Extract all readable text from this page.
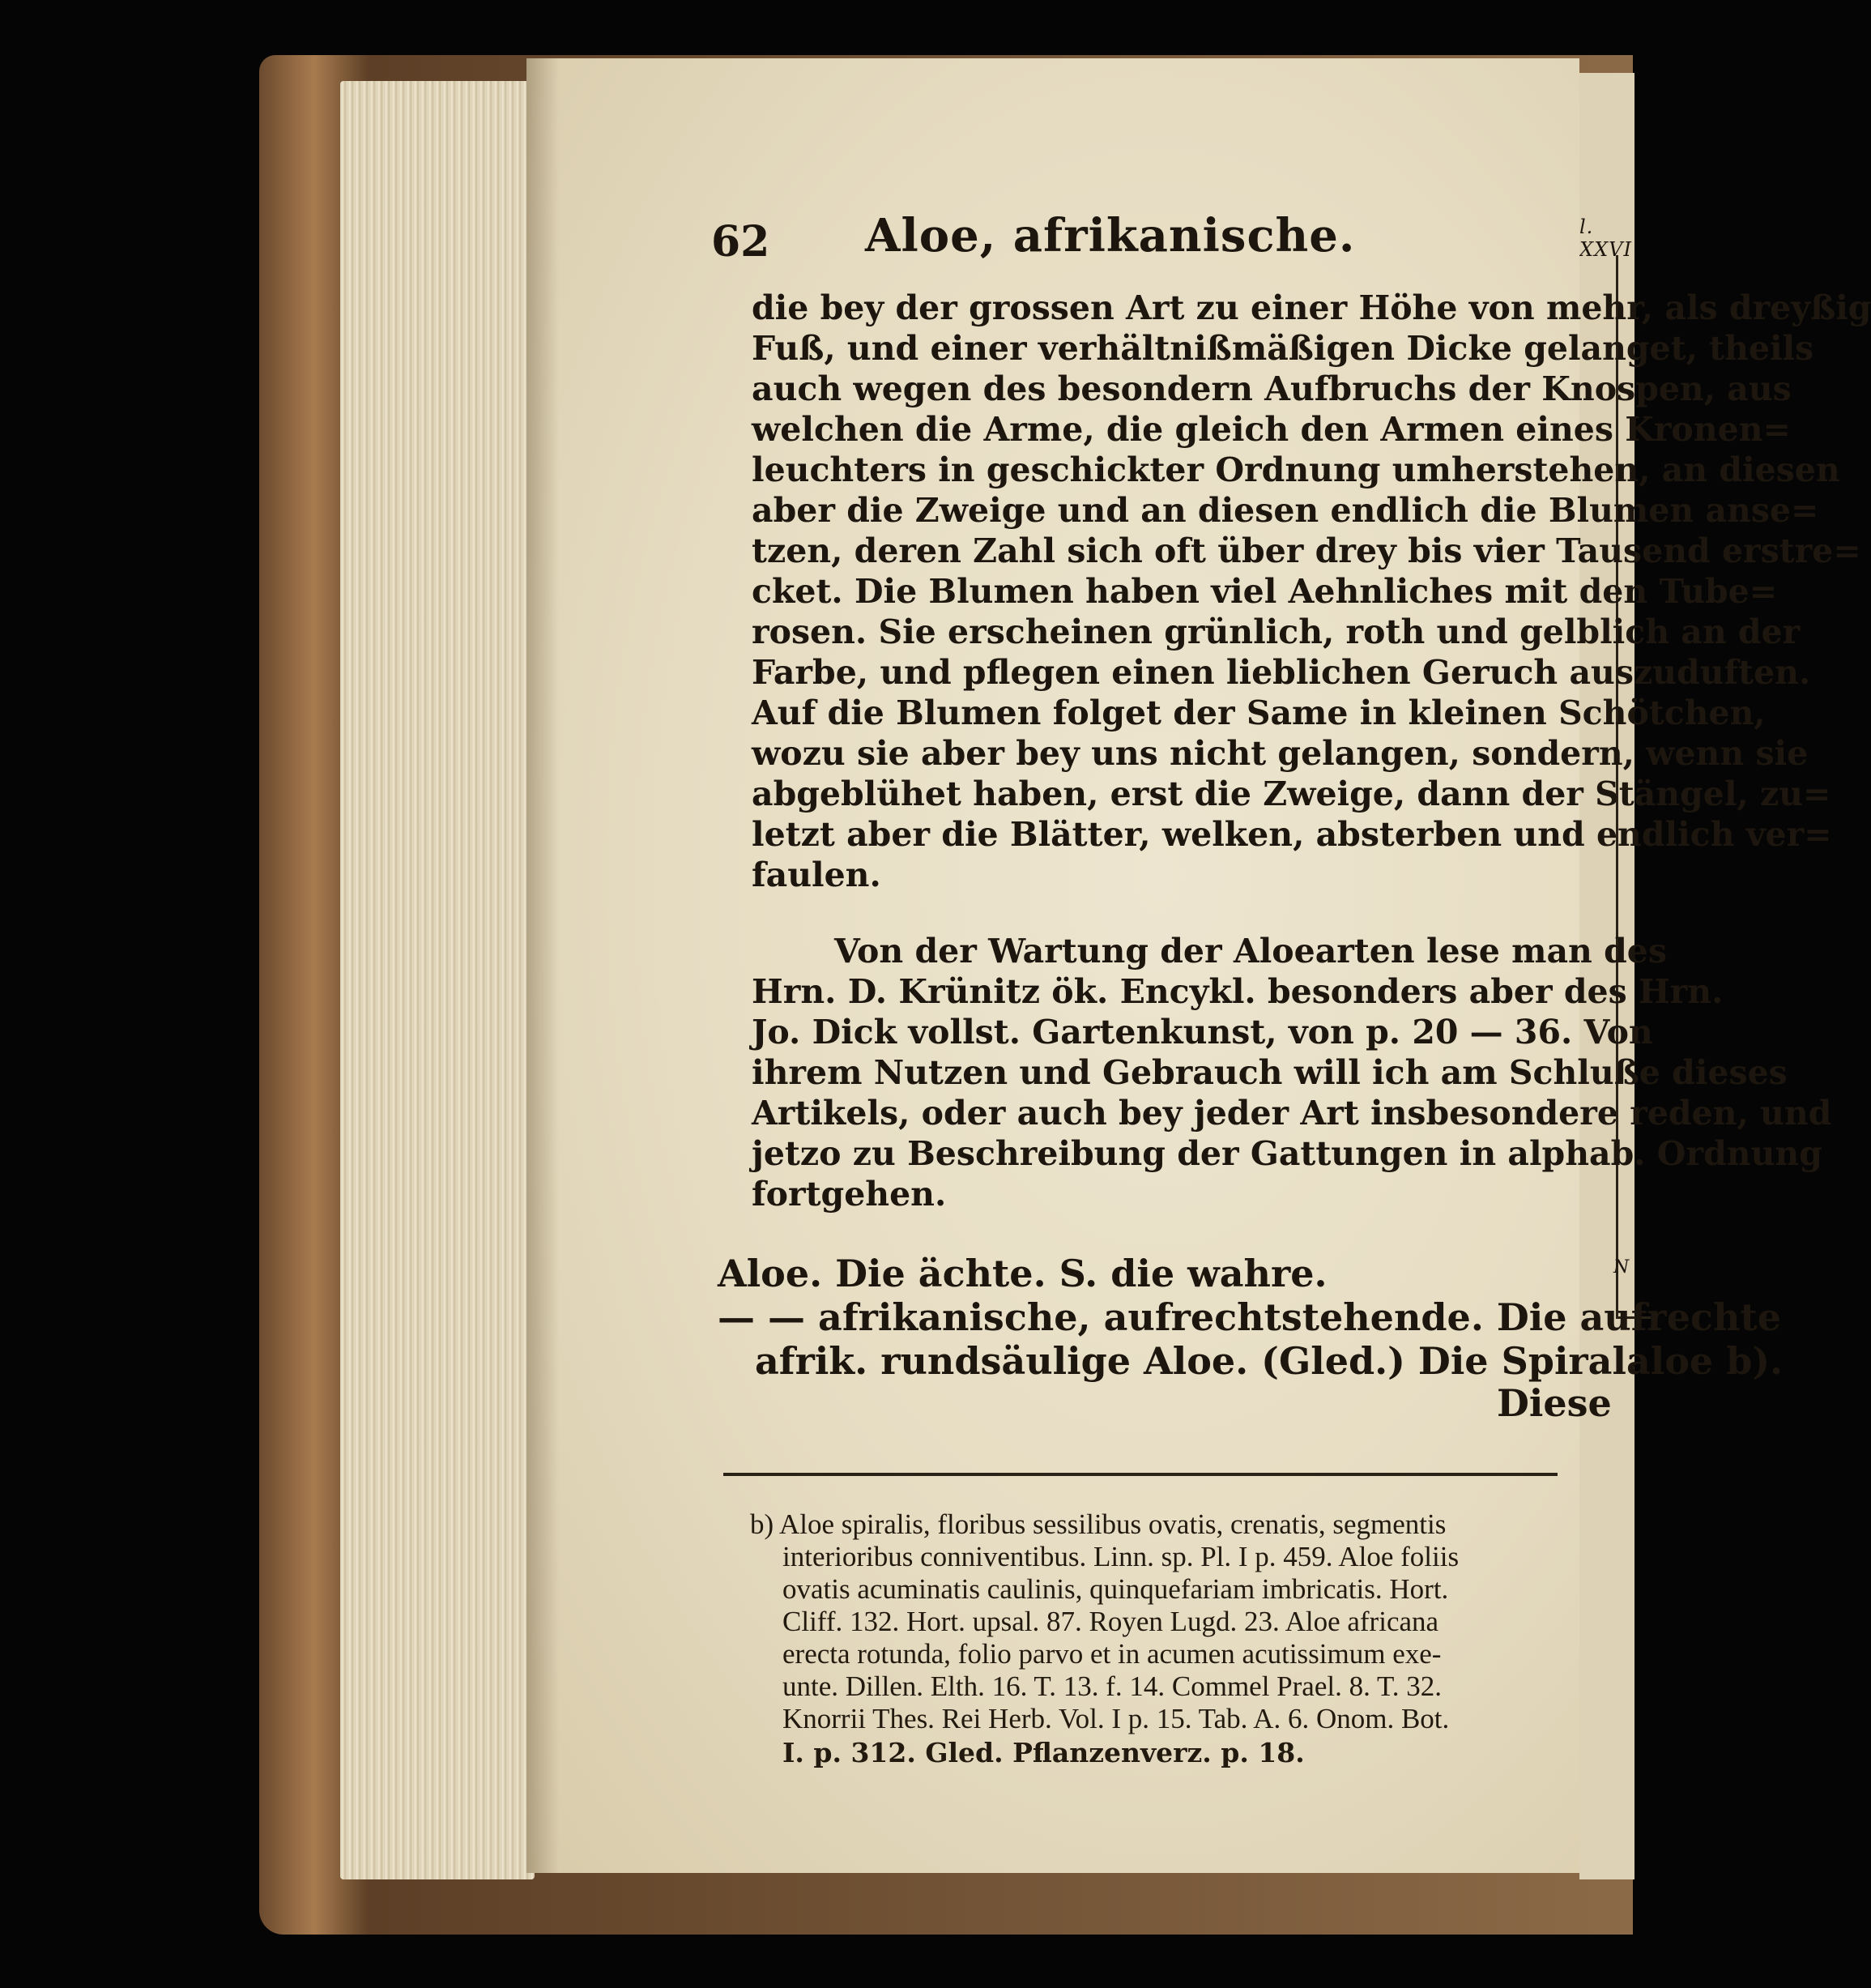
l. XXVI
N
62 Aloe, afrikanische.
die bey der grossen Art zu einer Höhe von mehr, als dreyßig
Fuß, und einer verhältnißmäßigen Dicke gelanget, theils
auch wegen des besondern Aufbruchs der Knospen, aus
welchen die Arme, die gleich den Armen eines Kronen=
leuchters in geschickter Ordnung umherstehen, an diesen
aber die Zweige und an diesen endlich die Blumen anse=
tzen, deren Zahl sich oft über drey bis vier Tausend erstre=
cket. Die Blumen haben viel Aehnliches mit den Tube=
rosen. Sie erscheinen grünlich, roth und gelblich an der
Farbe, und pflegen einen lieblichen Geruch auszuduften.
Auf die Blumen folget der Same in kleinen Schötchen,
wozu sie aber bey uns nicht gelangen, sondern, wenn sie
abgeblühet haben, erst die Zweige, dann der Stängel, zu=
letzt aber die Blätter, welken, absterben und endlich ver=
faulen.
Von der Wartung der Aloearten lese man des
Hrn. D. Krünitz ök. Encykl. besonders aber des Hrn.
Jo. Dick vollst. Gartenkunst, von p. 20 — 36. Von
ihrem Nutzen und Gebrauch will ich am Schluße dieses
Artikels, oder auch bey jeder Art insbesondere reden, und
jetzo zu Beschreibung der Gattungen in alphab. Ordnung
fortgehen.
Aloe. Die ächte. S. die wahre.
— — afrikanische, aufrechtstehende. Die aufrechte
afrik. rundsäulige Aloe. (Gled.) Die Spiralaloe b).
Diese
b) Aloe spiralis, floribus sessilibus ovatis, crenatis, segmentis
interioribus conniventibus. Linn. sp. Pl. I p. 459. Aloe foliis
ovatis acuminatis caulinis, quinquefariam imbricatis. Hort.
Cliff. 132. Hort. upsal. 87. Royen Lugd. 23. Aloe africana
erecta rotunda, folio parvo et in acumen acutissimum exe-
unte. Dillen. Elth. 16. T. 13. f. 14. Commel Prael. 8. T. 32.
Knorrii Thes. Rei Herb. Vol. I p. 15. Tab. A. 6. Onom. Bot.
I. p. 312. Gled. Pflanzenverz. p. 18.
